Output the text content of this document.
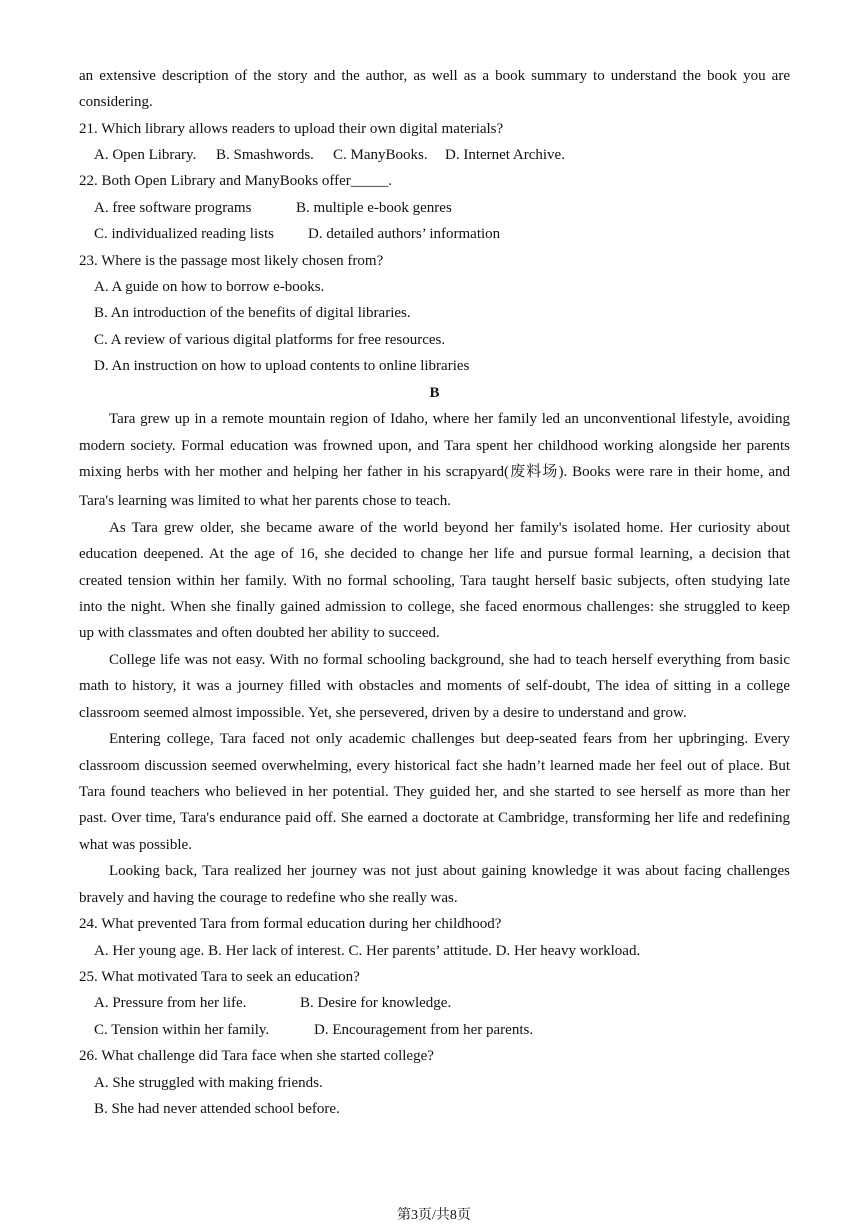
an extensive description of the story and the author, as well as a book summary to understand the book you are
considering.
21. Which library allows readers to upload their own digital materials?
A. Open Library. B. Smashwords. C. ManyBooks. D. Internet Archive.
22. Both Open Library and ManyBooks offer_____.
A. free software programs	B. multiple e-book genres
C. individualized reading lists D. detailed authors’ information
23. Where is the passage most likely chosen from?
A. A guide on how to borrow e-books.
B. An introduction of the benefits of digital libraries.
C. A review of various digital platforms for free resources.
D. An instruction on how to upload contents to online libraries
B
Tara grew up in a remote mountain region of Idaho, where her family led an unconventional lifestyle, avoiding
modern society. Formal education was frowned upon, and Tara spent her childhood working alongside her parents
mixing herbs with her mother and helping her father in his scrapyard(废料场). Books were rare in their home, and
Tara's learning was limited to what her parents chose to teach.
As Tara grew older, she became aware of the world beyond her family's isolated home. Her curiosity about
education deepened. At the age of 16, she decided to change her life and pursue formal learning, a decision that
created tension within her family. With no formal schooling, Tara taught herself basic subjects, often studying late
into the night. When she finally gained admission to college, she faced enormous challenges: she struggled to keep
up with classmates and often doubted her ability to succeed.
College life was not easy. With no formal schooling background, she had to teach herself everything from basic
math to history, it was a journey filled with obstacles and moments of self-doubt, The idea of sitting in a college
classroom seemed almost impossible. Yet, she persevered, driven by a desire to understand and grow.
Entering college, Tara faced not only academic challenges but deep-seated fears from her upbringing. Every
classroom discussion seemed overwhelming, every historical fact she hadn’t learned made her feel out of place. But
Tara found teachers who believed in her potential. They guided her, and she started to see herself as more than her
past. Over time, Tara's endurance paid off. She earned a doctorate at Cambridge, transforming her life and redefining
what was possible.
Looking back, Tara realized her journey was not just about gaining knowledge it was about facing challenges
bravely and having the courage to redefine who she really was.
24. What prevented Tara from formal education during her childhood?
A. Her young age. B. Her lack of interest. C. Her parents’ attitude. D. Her heavy workload.
25. What motivated Tara to seek an education?
A. Pressure from her life.	B. Desire for knowledge.
C. Tension within her family.	D. Encouragement from her parents.
26. What challenge did Tara face when she started college?
A. She struggled with making friends.
B. She had never attended school before.
第3页/共8页
